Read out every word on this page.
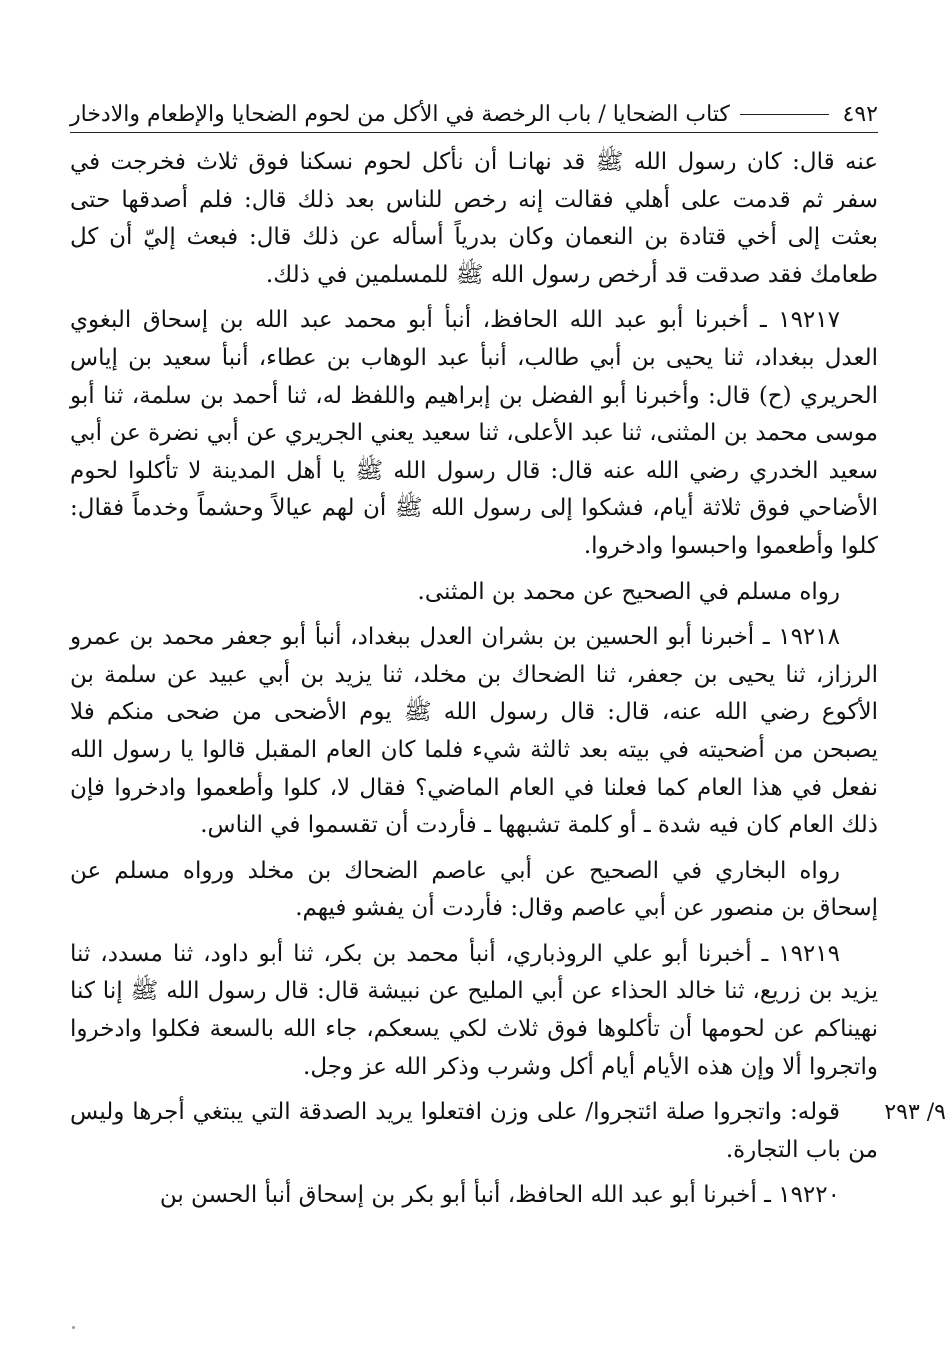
٤٩٢
كتاب الضحايا / باب الرخصة في الأكل من لحوم الضحايا والإطعام والادخار

عنه قال: كان رسول الله ﷺ قد نهانـا أن نأكل لحوم نسكنا فوق ثلاث فخرجت في سفر ثم قدمت على أهلي فقالت إنه رخص للناس بعد ذلك قال: فلم أصدقها حتى بعثت إلى أخي قتادة بن النعمان وكان بدرياً أسأله عن ذلك قال: فبعث إليّ أن كل طعامك فقد صدقت قد أرخص رسول الله ﷺ للمسلمين في ذلك.

١٩٢١٧ ـ أخبرنا أبو عبد الله الحافظ، أنبأ أبو محمد عبد الله بن إسحاق البغوي العدل ببغداد، ثنا يحيى بن أبي طالب، أنبأ عبد الوهاب بن عطاء، أنبأ سعيد بن إياس الحريري (ح) قال: وأخبرنا أبو الفضل بن إبراهيم واللفظ له، ثنا أحمد بن سلمة، ثنا أبو موسى محمد بن المثنى، ثنا عبد الأعلى، ثنا سعيد يعني الجريري عن أبي نضرة عن أبي سعيد الخدري رضي الله عنه قال: قال رسول الله ﷺ يا أهل المدينة لا تأكلوا لحوم الأضاحي فوق ثلاثة أيام، فشكوا إلى رسول الله ﷺ أن لهم عيالاً وحشماً وخدماً فقال: كلوا وأطعموا واحبسوا وادخروا.

رواه مسلم في الصحيح عن محمد بن المثنى.

١٩٢١٨ ـ أخبرنا أبو الحسين بن بشران العدل ببغداد، أنبأ أبو جعفر محمد بن عمرو الرزاز، ثنا يحيى بن جعفر، ثنا الضحاك بن مخلد، ثنا يزيد بن أبي عبيد عن سلمة بن الأكوع رضي الله عنه، قال: قال رسول الله ﷺ يوم الأضحى من ضحى منكم فلا يصبحن من أضحيته في بيته بعد ثالثة شيء فلما كان العام المقبل قالوا يا رسول الله نفعل في هذا العام كما فعلنا في العام الماضي؟ فقال لا، كلوا وأطعموا وادخروا فإن ذلك العام كان فيه شدة ـ أو كلمة تشبهها ـ فأردت أن تقسموا في الناس.

رواه البخاري في الصحيح عن أبي عاصم الضحاك بن مخلد ورواه مسلم عن إسحاق بن منصور عن أبي عاصم وقال: فأردت أن يفشو فيهم.

١٩٢١٩ ـ أخبرنا أبو علي الروذباري، أنبأ محمد بن بكر، ثنا أبو داود، ثنا مسدد، ثنا يزيد بن زريع، ثنا خالد الحذاء عن أبي المليح عن نبيشة قال: قال رسول الله ﷺ إنا كنا نهيناكم عن لحومها أن تأكلوها فوق ثلاث لكي يسعكم، جاء الله بالسعة فكلوا وادخروا واتجروا ألا وإن هذه الأيام أيام أكل وشرب وذكر الله عز وجل.

٩/ ٢٩٣

قوله: واتجروا صلة ائتجروا/ على وزن افتعلوا يريد الصدقة التي يبتغي أجرها وليس من باب التجارة.

١٩٢٢٠ ـ أخبرنا أبو عبد الله الحافظ، أنبأ أبو بكر بن إسحاق أنبأ الحسن بن
